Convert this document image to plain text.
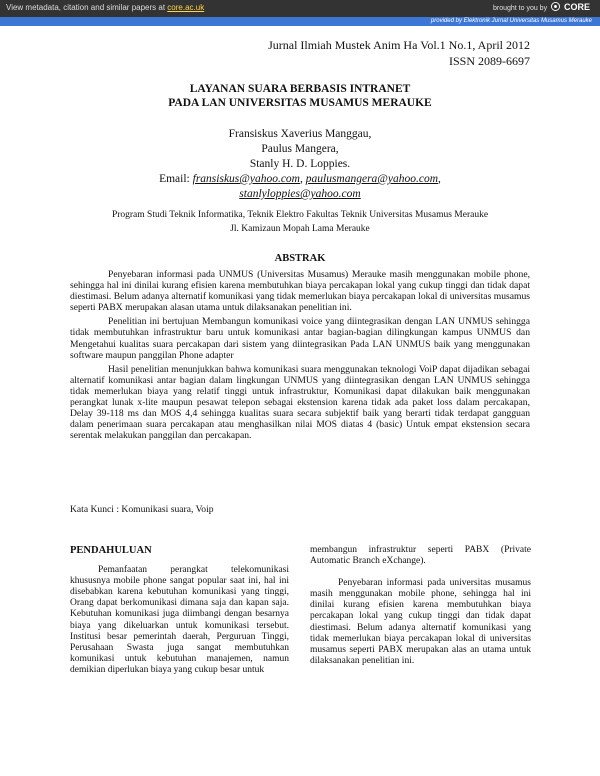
View metadata, citation and similar papers at core.ac.uk	brought to you by CORE
provided by Elektronik Jurnal Universitas Musamus Merauke
Jurnal Ilmiah Mustek Anim Ha Vol.1 No.1, April 2012
ISSN 2089-6697
LAYANAN SUARA BERBASIS INTRANET
PADA LAN UNIVERSITAS MUSAMUS MERAUKE
Fransiskus Xaverius Manggau,
Paulus Mangera,
Stanly H. D. Loppies.
Email: fransiskus@yahoo.com, paulusmangera@yahoo.com,
stanlyloppies@yahoo.com
Program Studi Teknik Informatika, Teknik Elektro Fakultas Teknik Universitas Musamus Merauke
Jl. Kamizaun Mopah Lama Merauke
ABSTRAK

Penyebaran informasi pada UNMUS (Universitas Musamus) Merauke masih menggunakan mobile phone, sehingga hal ini dinilai kurang efisien karena membutuhkan biaya percakapan lokal yang cukup tinggi dan tidak dapat diestimasi. Belum adanya alternatif komunikasi yang tidak memerlukan biaya percakapan lokal di universitas musamus seperti PABX merupakan alasan utama untuk dilaksanakan penelitian ini.

Penelitian ini bertujuan Membangun komunikasi voice yang diintegrasikan dengan LAN UNMUS sehingga tidak membutuhkan infrastruktur baru untuk komunikasi antar bagian-bagian dilingkungan kampus UNMUS dan Mengetahui kualitas suara percakapan dari sistem yang diintegrasikan Pada LAN UNMUS baik yang menggunakan software maupun panggilan Phone adapter

Hasil penelitian menunjukkan bahwa komunikasi suara menggunakan teknologi VoiP dapat dijadikan sebagai alternatif komunikasi antar bagian dalam lingkungan UNMUS yang diintegrasikan dengan LAN UNMUS sehingga tidak memerlukan biaya yang relatif tinggi untuk infrastruktur, Komunikasi dapat dilakukan baik menggunakan perangkat lunak x-lite maupun pesawat telepon sebagai ekstension karena tidak ada paket loss dalam percakapan, Delay 39-118 ms dan MOS 4,4 sehingga kualitas suara secara subjektif baik yang berarti tidak terdapat gangguan dalam penerimaan suara percakapan atau menghasilkan nilai MOS diatas 4 (basic) Untuk empat ekstension secara serentak melakukan panggilan dan percakapan.

Kata Kunci : Komunikasi suara, Voip
PENDAHULUAN

Pemanfaatan perangkat telekomunikasi khususnya mobile phone sangat popular saat ini, hal ini disebabkan karena kebutuhan komunikasi yang tinggi, Orang dapat berkomunikasi dimana saja dan kapan saja. Kebutuhan komunikasi juga diimbangi dengan besarnya biaya yang dikeluarkan untuk komunikasi tersebut. Institusi besar pemerintah daerah, Perguruan Tinggi, Perusahaan Swasta juga sangat membutuhkan komunikasi untuk kebutuhan manajemen, namun demikian diperlukan biaya yang cukup besar untuk

membangun infrastruktur seperti PABX (Private Automatic Branch eXchange).

Penyebaran informasi pada universitas musamus masih menggunakan mobile phone, sehingga hal ini dinilai kurang efisien karena membutuhkan biaya percakapan lokal yang cukup tinggi dan tidak dapat diestimasi. Belum adanya alternatif komunikasi yang tidak memerlukan biaya percakapan lokal di universitas musamus seperti PABX merupakan alas an utama untuk dilaksanakan penelitian ini.
